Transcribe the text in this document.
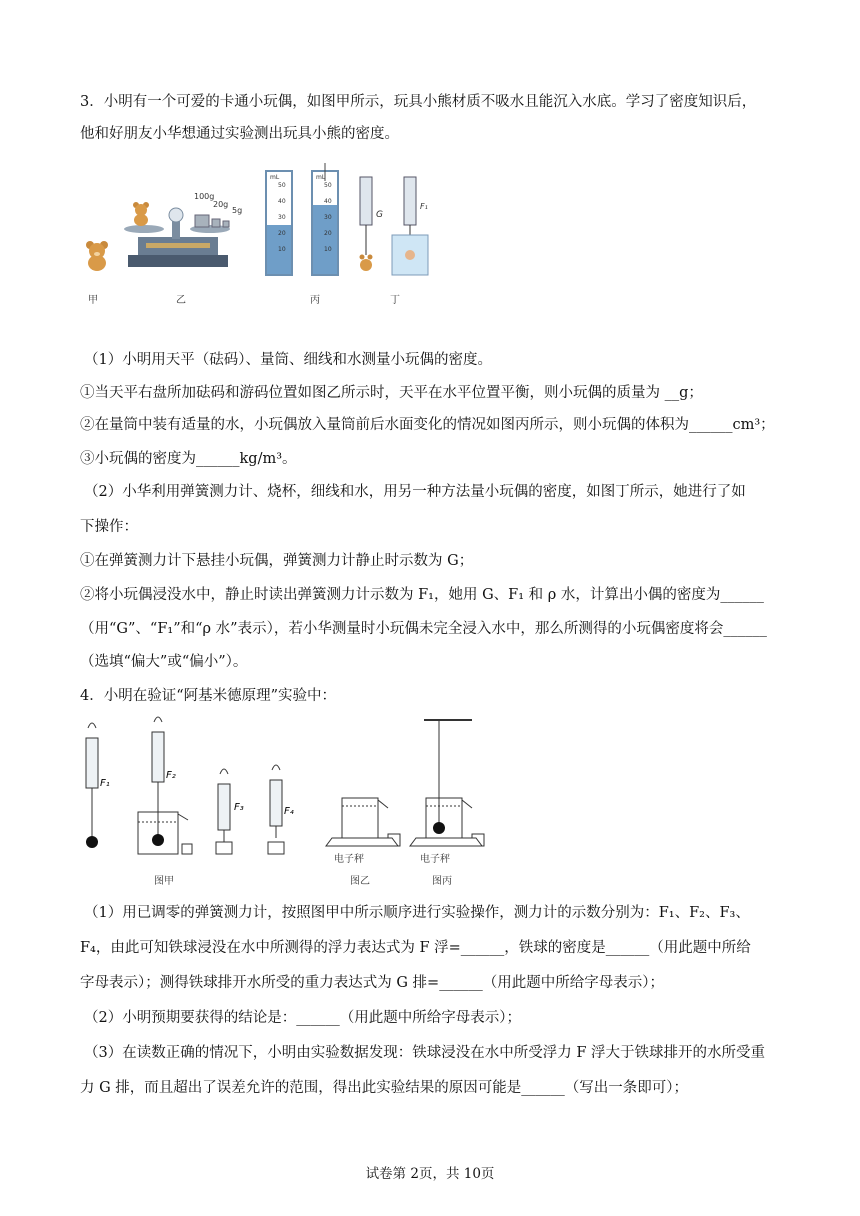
3．小明有一个可爱的卡通小玩偶，如图甲所示，玩具小熊材质不吸水且能沉入水底。学习了密度知识后，
他和好朋友小华想通过实验测出玩具小熊的密度。
100g
20g
5g
mL
50
40
30
20
10
mL
50
40
30
20
10
G
F₁
甲	乙	丙	丁
（1）小明用天平（砝码）、量筒、细线和水测量小玩偶的密度。
①当天平右盘所加砝码和游码位置如图乙所示时，天平在水平位置平衡，则小玩偶的质量为 __g；
②在量筒中装有适量的水，小玩偶放入量筒前后水面变化的情况如图丙所示，则小玩偶的体积为______cm³；
③小玩偶的密度为______kg/m³。
（2）小华利用弹簧测力计、烧杯，细线和水，用另一种方法量小玩偶的密度，如图丁所示，她进行了如
下操作：
①在弹簧测力计下悬挂小玩偶，弹簧测力计静止时示数为 G；
②将小玩偶浸没水中，静止时读出弹簧测力计示数为 F₁，她用 G、F₁ 和 ρ 水，计算出小偶的密度为______
（用“G”、“F₁”和“ρ 水”表示），若小华测量时小玩偶未完全浸入水中，那么所测得的小玩偶密度将会______
（选填“偏大”或“偏小”）。
4．小明在验证“阿基米德原理”实验中：
F₁
F₂
F₃	F₄
电子秤	电子秤
图甲	图乙	图丙
（1）用已调零的弹簧测力计，按照图甲中所示顺序进行实验操作，测力计的示数分别为：F₁、F₂、F₃、
F₄，由此可知铁球浸没在水中所测得的浮力表达式为 F 浮=______，铁球的密度是______（用此题中所给
字母表示）；测得铁球排开水所受的重力表达式为 G 排=______（用此题中所给字母表示）；
（2）小明预期要获得的结论是：______（用此题中所给字母表示）；
（3）在读数正确的情况下，小明由实验数据发现：铁球浸没在水中所受浮力 F 浮大于铁球排开的水所受重
力 G 排，而且超出了误差允许的范围，得出此实验结果的原因可能是______（写出一条即可）；
试卷第 2页，共 10页
